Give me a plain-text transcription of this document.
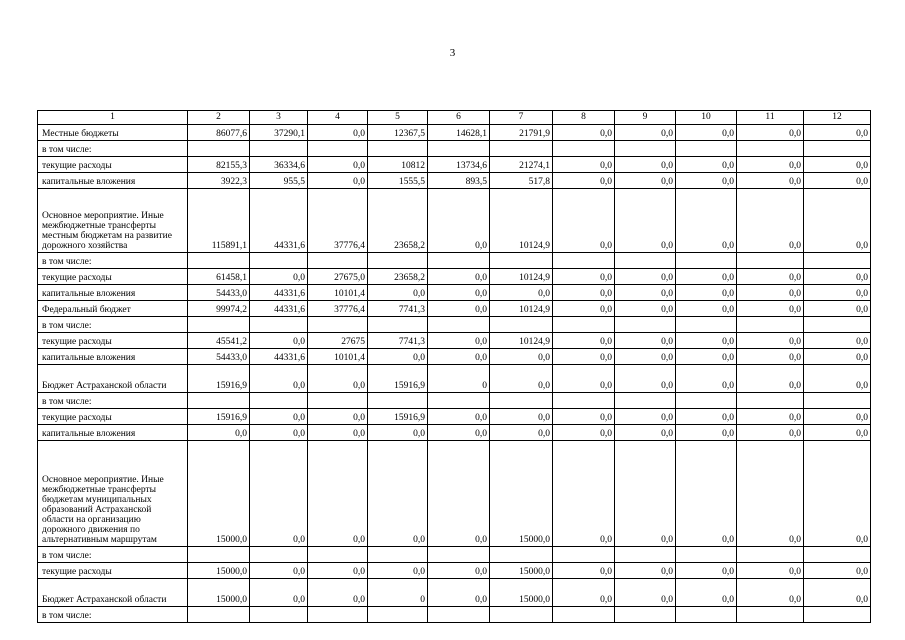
3
1	2	3	4	5	6	7	8	9	10	11	12
Местные бюджеты	86077,6	37290,1	0,0	12367,5	14628,1	21791,9	0,0	0,0	0,0	0,0	0,0
в том числе:											
текущие расходы	82155,3	36334,6	0,0	10812	13734,6	21274,1	0,0	0,0	0,0	0,0	0,0
капитальные вложения	3922,3	955,5	0,0	1555,5	893,5	517,8	0,0	0,0	0,0	0,0	0,0
Основное мероприятие. Иные межбюджетные трансферты местным бюджетам на развитие дорожного хозяйства	115891,1	44331,6	37776,4	23658,2	0,0	10124,9	0,0	0,0	0,0	0,0	0,0
в том числе:											
текущие расходы	61458,1	0,0	27675,0	23658,2	0,0	10124,9	0,0	0,0	0,0	0,0	0,0
капитальные вложения	54433,0	44331,6	10101,4	0,0	0,0	0,0	0,0	0,0	0,0	0,0	0,0
Федеральный бюджет	99974,2	44331,6	37776,4	7741,3	0,0	10124,9	0,0	0,0	0,0	0,0	0,0
в том числе:											
текущие расходы	45541,2	0,0	27675	7741,3	0,0	10124,9	0,0	0,0	0,0	0,0	0,0
капитальные вложения	54433,0	44331,6	10101,4	0,0	0,0	0,0	0,0	0,0	0,0	0,0	0,0
Бюджет Астраханской области	15916,9	0,0	0,0	15916,9	0	0,0	0,0	0,0	0,0	0,0	0,0
в том числе:											
текущие расходы	15916,9	0,0	0,0	15916,9	0,0	0,0	0,0	0,0	0,0	0,0	0,0
капитальные вложения	0,0	0,0	0,0	0,0	0,0	0,0	0,0	0,0	0,0	0,0	0,0
Основное мероприятие. Иные межбюджетные трансферты бюджетам муниципальных образований Астраханской области на организацию дорожного движения по альтернативным маршрутам	15000,0	0,0	0,0	0,0	0,0	15000,0	0,0	0,0	0,0	0,0	0,0
в том числе:											
текущие расходы	15000,0	0,0	0,0	0,0	0,0	15000,0	0,0	0,0	0,0	0,0	0,0
Бюджет Астраханской области	15000,0	0,0	0,0	0	0,0	15000,0	0,0	0,0	0,0	0,0	0,0
в том числе:											
